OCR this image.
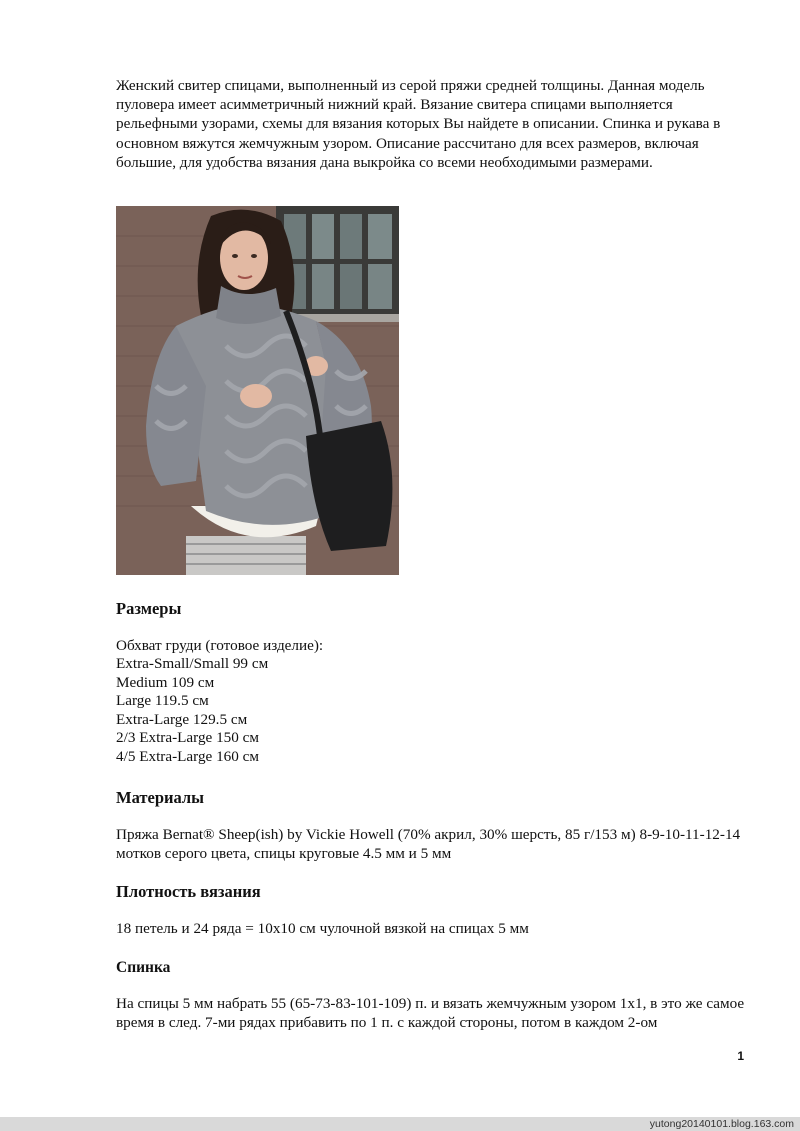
Женский свитер спицами, выполненный из серой пряжи средней толщины. Данная модель пуловера имеет асимметричный нижний край. Вязание свитера спицами выполняется рельефными узорами, схемы для вязания которых Вы найдете в описании. Спинка и рукава в основном вяжутся жемчужным узором. Описание рассчитано для всех размеров, включая большие, для удобства вязания дана выкройка со всеми необходимыми размерами.

Размеры

Обхват груди (готовое изделие):

Extra-Small/Small 99 см
Medium 109 см
Large 119.5 см
Extra-Large 129.5 см
2/3 Extra-Large 150 см
4/5 Extra-Large 160 см
Материалы

Пряжа Bernat® Sheep(ish) by Vickie Howell (70% акрил, 30% шерсть, 85 г/153 м) 8-9-10-11-12-14 мотков серого цвета, спицы круговые 4.5 мм и 5 мм

Плотность вязания

18 петель и 24 ряда = 10x10 см чулочной вязкой на спицах 5 мм

Спинка

На спицы 5 мм набрать 55 (65-73-83-101-109) п. и вязать жемчужным узором 1x1, в это же самое время в след. 7-ми рядах прибавить по 1 п. с каждой стороны, потом в каждом 2-ом

1
yutong20140101.blog.163.com
